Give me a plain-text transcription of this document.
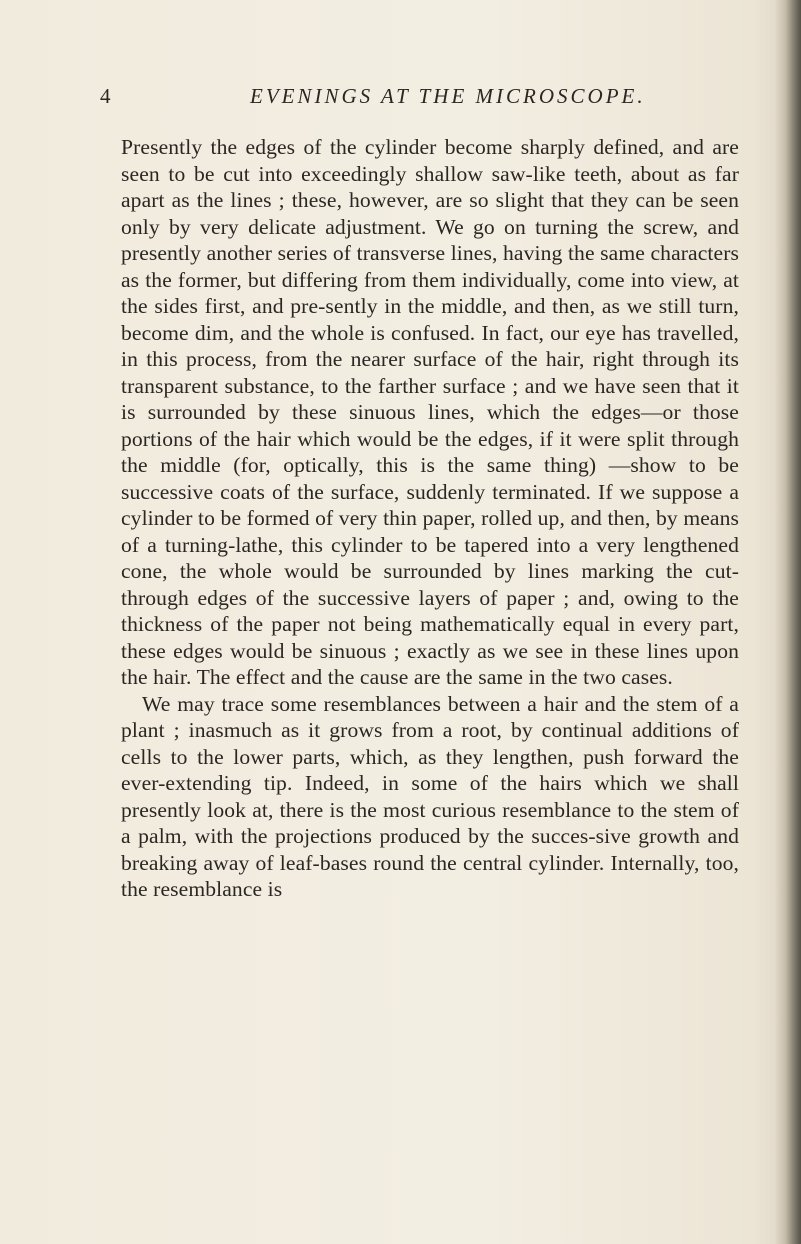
4	EVENINGS AT THE MICROSCOPE.

Presently the edges of the cylinder become sharply defined, and are seen to be cut into exceedingly shallow saw-like teeth, about as far apart as the lines ; these, however, are so slight that they can be seen only by very delicate adjustment. We go on turning the screw, and presently another series of transverse lines, having the same characters as the former, but differing from them individually, come into view, at the sides first, and pre-sently in the middle, and then, as we still turn, become dim, and the whole is confused. In fact, our eye has travelled, in this process, from the nearer surface of the hair, right through its transparent substance, to the farther surface ; and we have seen that it is surrounded by these sinuous lines, which the edges—or those portions of the hair which would be the edges, if it were split through the middle (for, optically, this is the same thing) —show to be successive coats of the surface, suddenly terminated. If we suppose a cylinder to be formed of very thin paper, rolled up, and then, by means of a turning-lathe, this cylinder to be tapered into a very lengthened cone, the whole would be surrounded by lines marking the cut-through edges of the successive layers of paper ; and, owing to the thickness of the paper not being mathematically equal in every part, these edges would be sinuous ; exactly as we see in these lines upon the hair. The effect and the cause are the same in the two cases.

We may trace some resemblances between a hair and the stem of a plant ; inasmuch as it grows from a root, by continual additions of cells to the lower parts, which, as they lengthen, push forward the ever-extending tip. Indeed, in some of the hairs which we shall presently look at, there is the most curious resemblance to the stem of a palm, with the projections produced by the succes-sive growth and breaking away of leaf-bases round the central cylinder. Internally, too, the resemblance is
